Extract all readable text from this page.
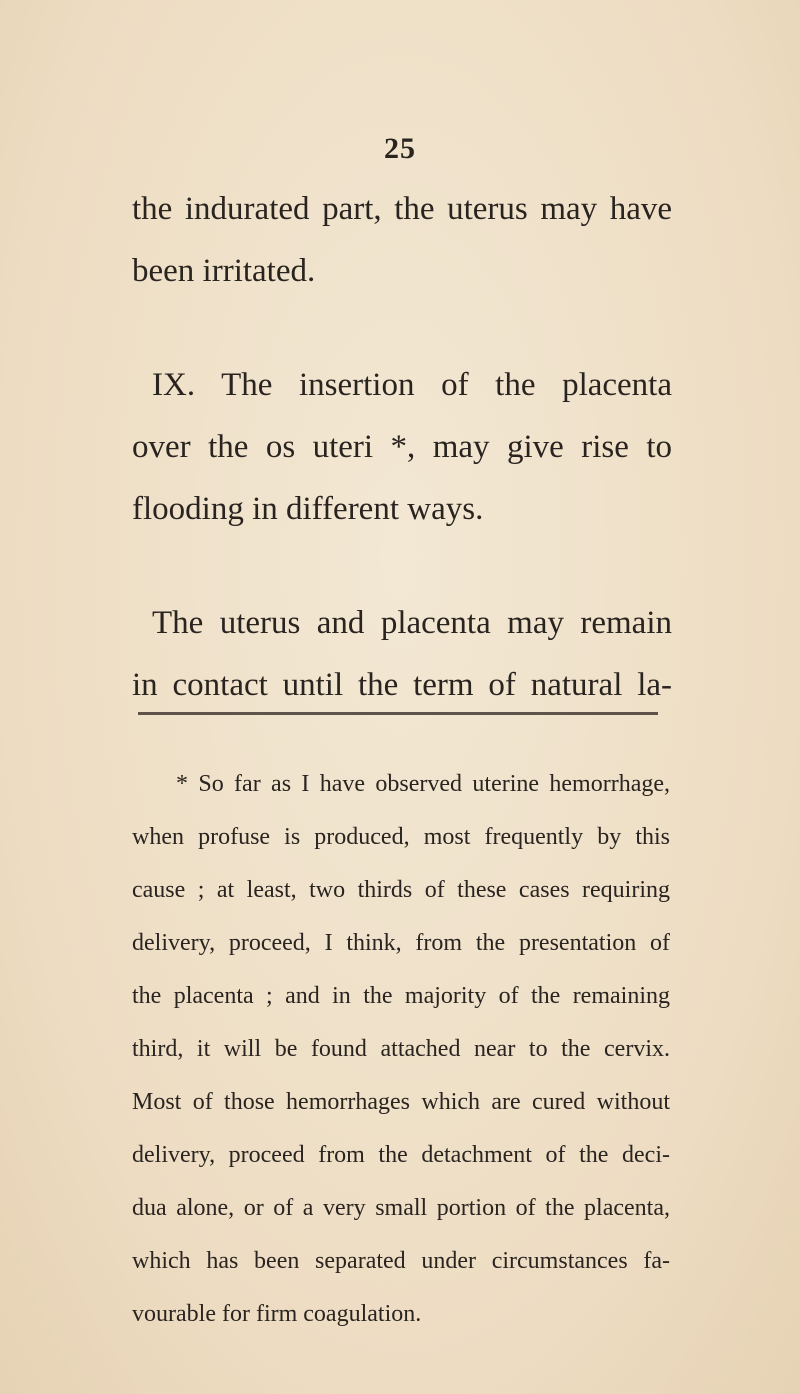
25

the indurated part, the uterus may have
been irritated.

IX. The insertion of the placenta
over the os uteri *, may give rise to
flooding in different ways.

The uterus and placenta may remain
in contact until the term of natural la-

* So far as I have observed uterine hemorrhage,
when profuse is produced, most frequently by this
cause ; at least, two thirds of these cases requiring
delivery, proceed, I think, from the presentation of
the placenta ; and in the majority of the remaining
third, it will be found attached near to the cervix.
Most of those hemorrhages which are cured without
delivery, proceed from the detachment of the deci-
dua alone, or of a very small portion of the placenta,
which has been separated under circumstances fa-
vourable for firm coagulation.
